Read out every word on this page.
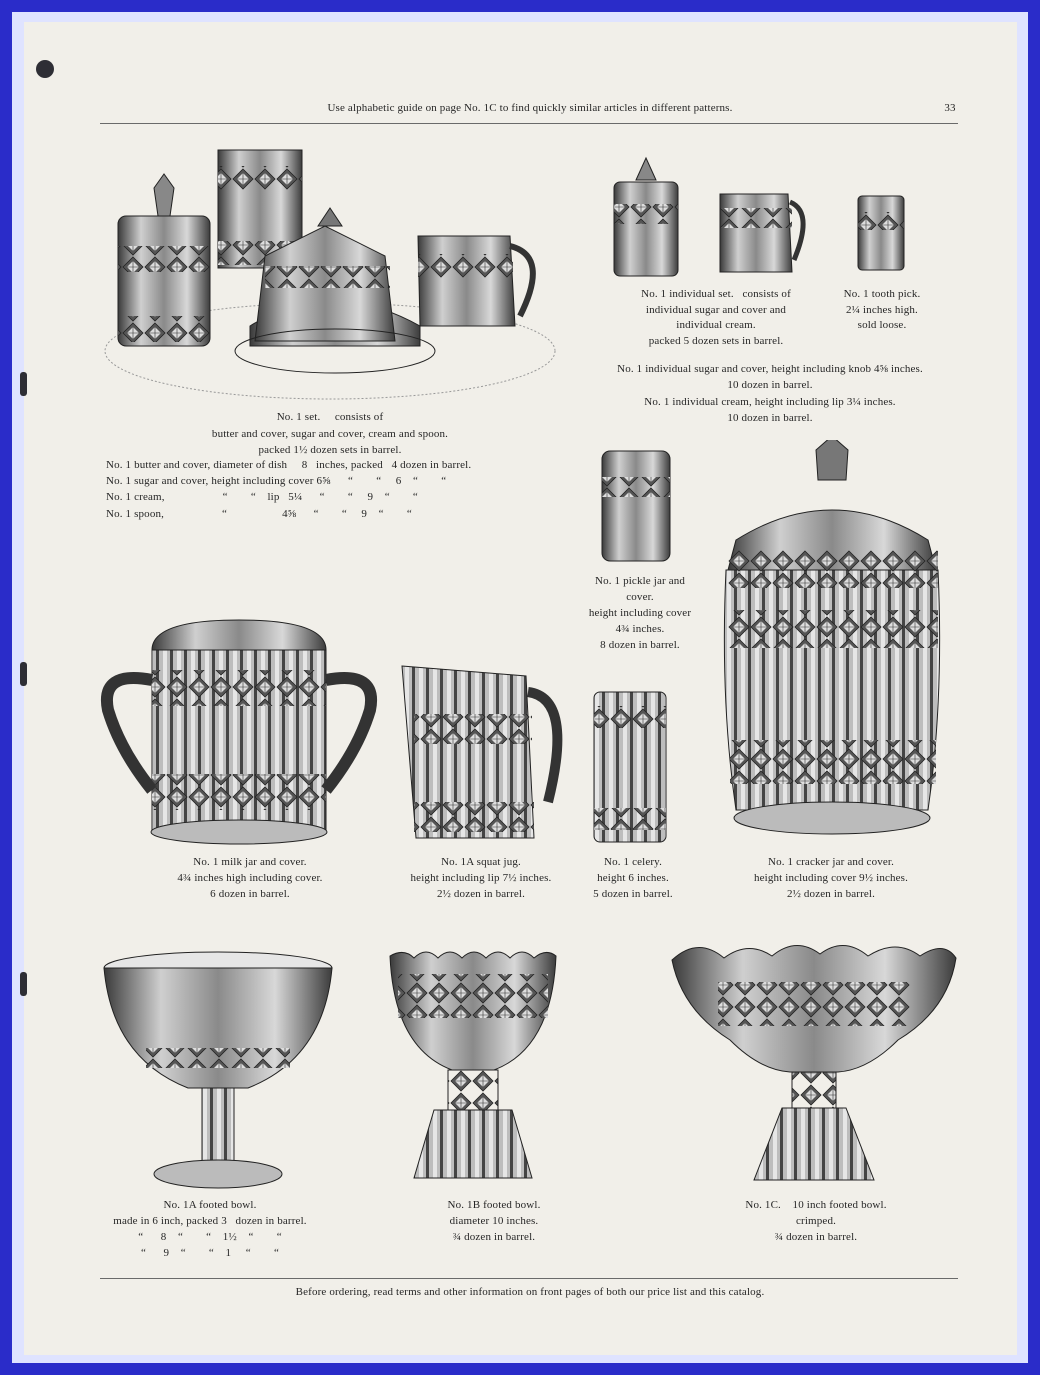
Use alphabetic guide on page No. 1C to find quickly similar articles in different patterns.	33
No. 1 set.     consists of
butter and cover, sugar and cover, cream and spoon.
packed 1½ dozen sets in barrel.
No. 1 butter and cover, diameter of dish     8   inches, packed   4 dozen in barrel.
No. 1 sugar and cover, height including cover 6⅝      “        “     6    “        “
No. 1 cream,                    “        “    lip   5¼      “        “     9    “        “
No. 1 spoon,                    “                   4⅝      “        “     9    “        “
No. 1 individual set.   consists of
individual sugar and cover and
individual cream.
packed 5 dozen sets in barrel.
No. 1 individual sugar and cover, height including knob 4⅝ inches.
10 dozen in barrel.
No. 1 individual cream, height including lip 3¼ inches.
10 dozen in barrel.
No. 1 tooth pick.
2¼ inches high.
sold loose.
No. 1 pickle jar and
cover.
height including cover
4¾ inches.
8 dozen in barrel.
No. 1 milk jar and cover.
4¾ inches high including cover.
6 dozen in barrel.
No. 1A squat jug.
height including lip 7½ inches.
2½ dozen in barrel.
No. 1 celery.
height 6 inches.
5 dozen in barrel.
No. 1 cracker jar and cover.
height including cover 9½ inches.
2½ dozen in barrel.
No. 1A footed bowl.
made in 6 inch, packed 3   dozen in barrel.
“      8    “        “    1½    “        “
“      9    “        “    1     “        “
No. 1B footed bowl.
diameter 10 inches.
¾ dozen in barrel.
No. 1C.    10 inch footed bowl.
crimped.
¾ dozen in barrel.
Before ordering, read terms and other information on front pages of both our price list and this catalog.
